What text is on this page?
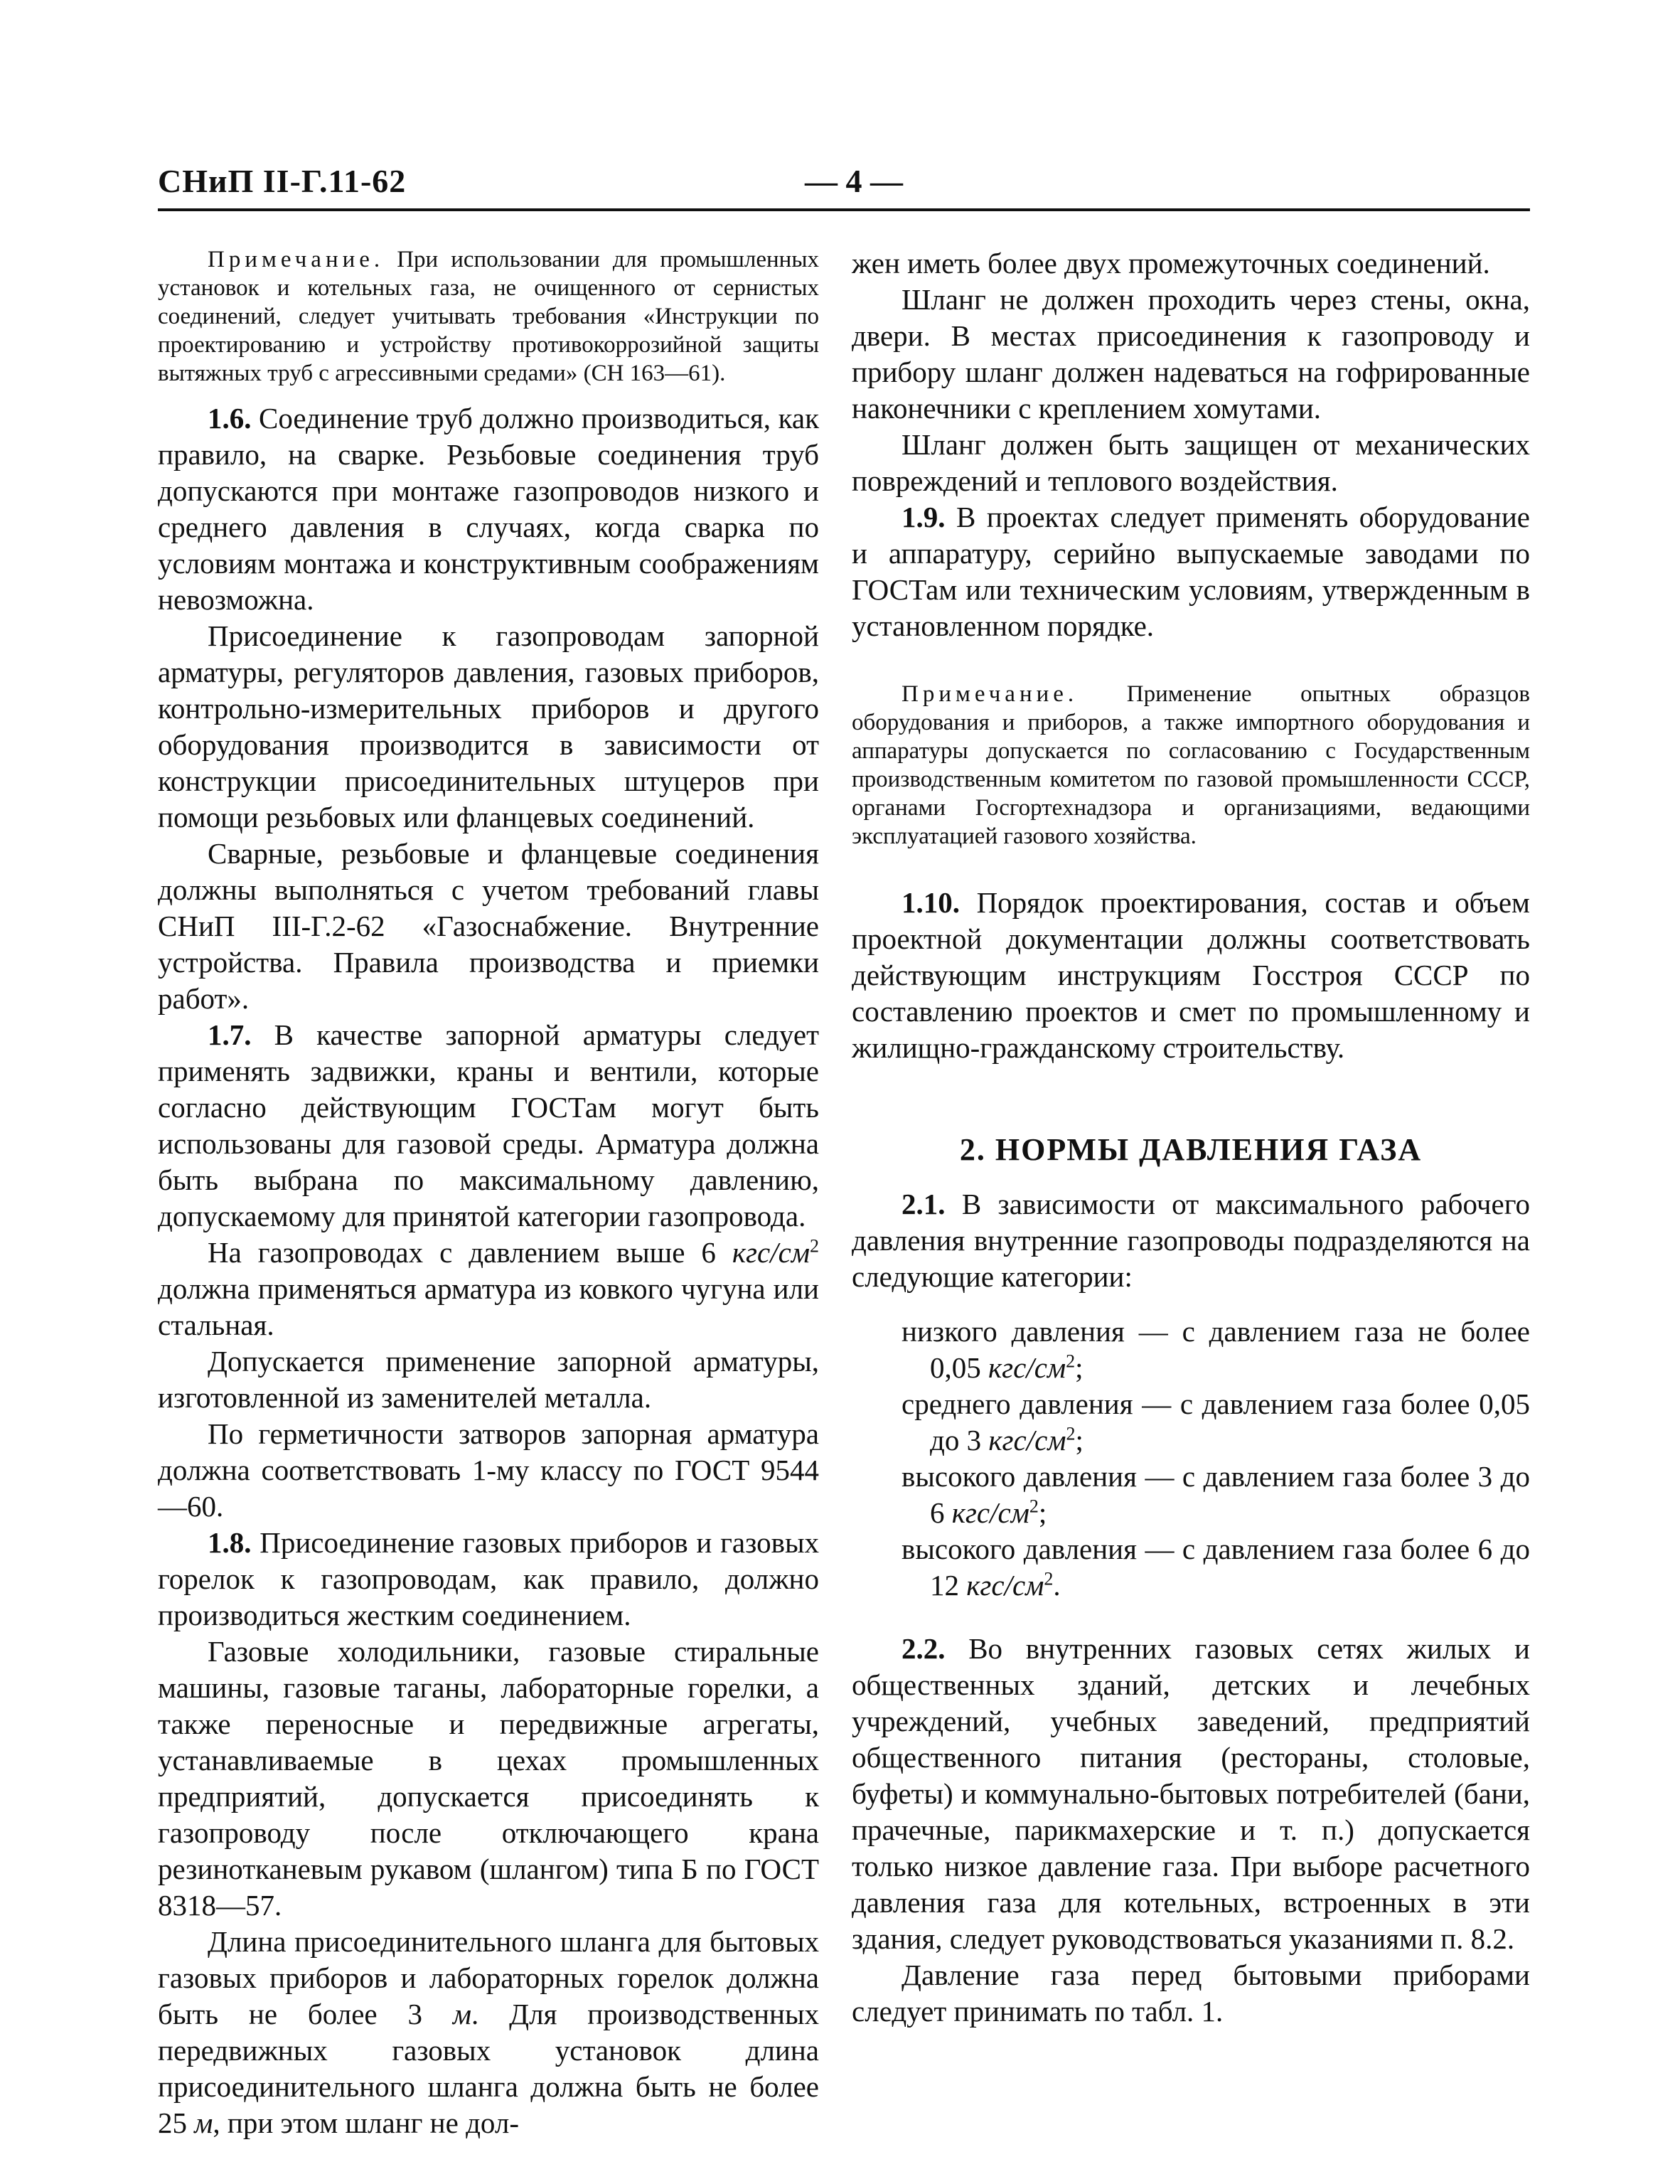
СНиП II-Г.11-62	— 4 —

Примечание. При использовании для промышленных установок и котельных газа, не очищенного от сернистых соединений, следует учитывать требования «Инструкции по проектированию и устройству противокоррозийной защиты вытяжных труб с агрессивными средами» (СН 163—61).

1.6. Соединение труб должно производиться, как правило, на сварке. Резьбовые соединения труб допускаются при монтаже газопроводов низкого и среднего давления в случаях, когда сварка по условиям монтажа и конструктивным соображениям невозможна.

Присоединение к газопроводам запорной арматуры, регуляторов давления, газовых приборов, контрольно-измерительных приборов и другого оборудования производится в зависимости от конструкции присоединительных штуцеров при помощи резьбовых или фланцевых соединений.

Сварные, резьбовые и фланцевые соединения должны выполняться с учетом требований главы СНиП III-Г.2-62 «Газоснабжение. Внутренние устройства. Правила производства и приемки работ».

1.7. В качестве запорной арматуры следует применять задвижки, краны и вентили, которые согласно действующим ГОСТам могут быть использованы для газовой среды. Арматура должна быть выбрана по максимальному давлению, допускаемому для принятой категории газопровода.

На газопроводах с давлением выше 6 кгс/$см^2$ должна применяться арматура из ковкого чугуна или стальная.

Допускается применение запорной арматуры, изготовленной из заменителей металла.

По герметичности затворов запорная арматура должна соответствовать 1-му классу по ГОСТ 9544—60.

1.8. Присоединение газовых приборов и газовых горелок к газопроводам, как правило, должно производиться жестким соединением.

Газовые холодильники, газовые стиральные машины, газовые таганы, лабораторные горелки, а также переносные и передвижные агрегаты, устанавливаемые в цехах промышленных предприятий, допускается присоединять к газопроводу после отключающего крана резинотканевым рукавом (шлангом) типа Б по ГОСТ 8318—57.

Длина присоединительного шланга для бытовых газовых приборов и лабораторных горелок должна быть не более 3 м. Для производственных передвижных газовых установок длина присоединительного шланга должна быть не более 25 м, при этом шланг не дол-

жен иметь более двух промежуточных соединений.

Шланг не должен проходить через стены, окна, двери. В местах присоединения к газопроводу и прибору шланг должен надеваться на гофрированные наконечники с креплением хомутами.

Шланг должен быть защищен от механических повреждений и теплового воздействия.

1.9. В проектах следует применять оборудование и аппаратуру, серийно выпускаемые заводами по ГОСТам или техническим условиям, утвержденным в установленном порядке.

Примечание. Применение опытных образцов оборудования и приборов, а также импортного оборудования и аппаратуры допускается по согласованию с Государственным производственным комитетом по газовой промышленности СССР, органами Госгортехнадзора и организациями, ведающими эксплуатацией газового хозяйства.

1.10. Порядок проектирования, состав и объем проектной документации должны соответствовать действующим инструкциям Госстроя СССР по составлению проектов и смет по промышленному и жилищно-гражданскому строительству.

2. НОРМЫ ДАВЛЕНИЯ ГАЗА

2.1. В зависимости от максимального рабочего давления внутренние газопроводы подразделяются на следующие категории:

низкого давления — с давлением газа не более 0,05 кгс/$см^2$;
среднего давления — с давлением газа более 0,05 до 3 кгс/$см^2$;
высокого давления — с давлением газа более 3 до 6 кгс/$см^2$;
высокого давления — с давлением газа более 6 до 12 кгс/$см^2$.

2.2. Во внутренних газовых сетях жилых и общественных зданий, детских и лечебных учреждений, учебных заведений, предприятий общественного питания (рестораны, столовые, буфеты) и коммунально-бытовых потребителей (бани, прачечные, парикмахерские и т. п.) допускается только низкое давление газа. При выборе расчетного давления газа для котельных, встроенных в эти здания, следует руководствоваться указаниями п. 8.2.

Давление газа перед бытовыми приборами следует принимать по табл. 1.
